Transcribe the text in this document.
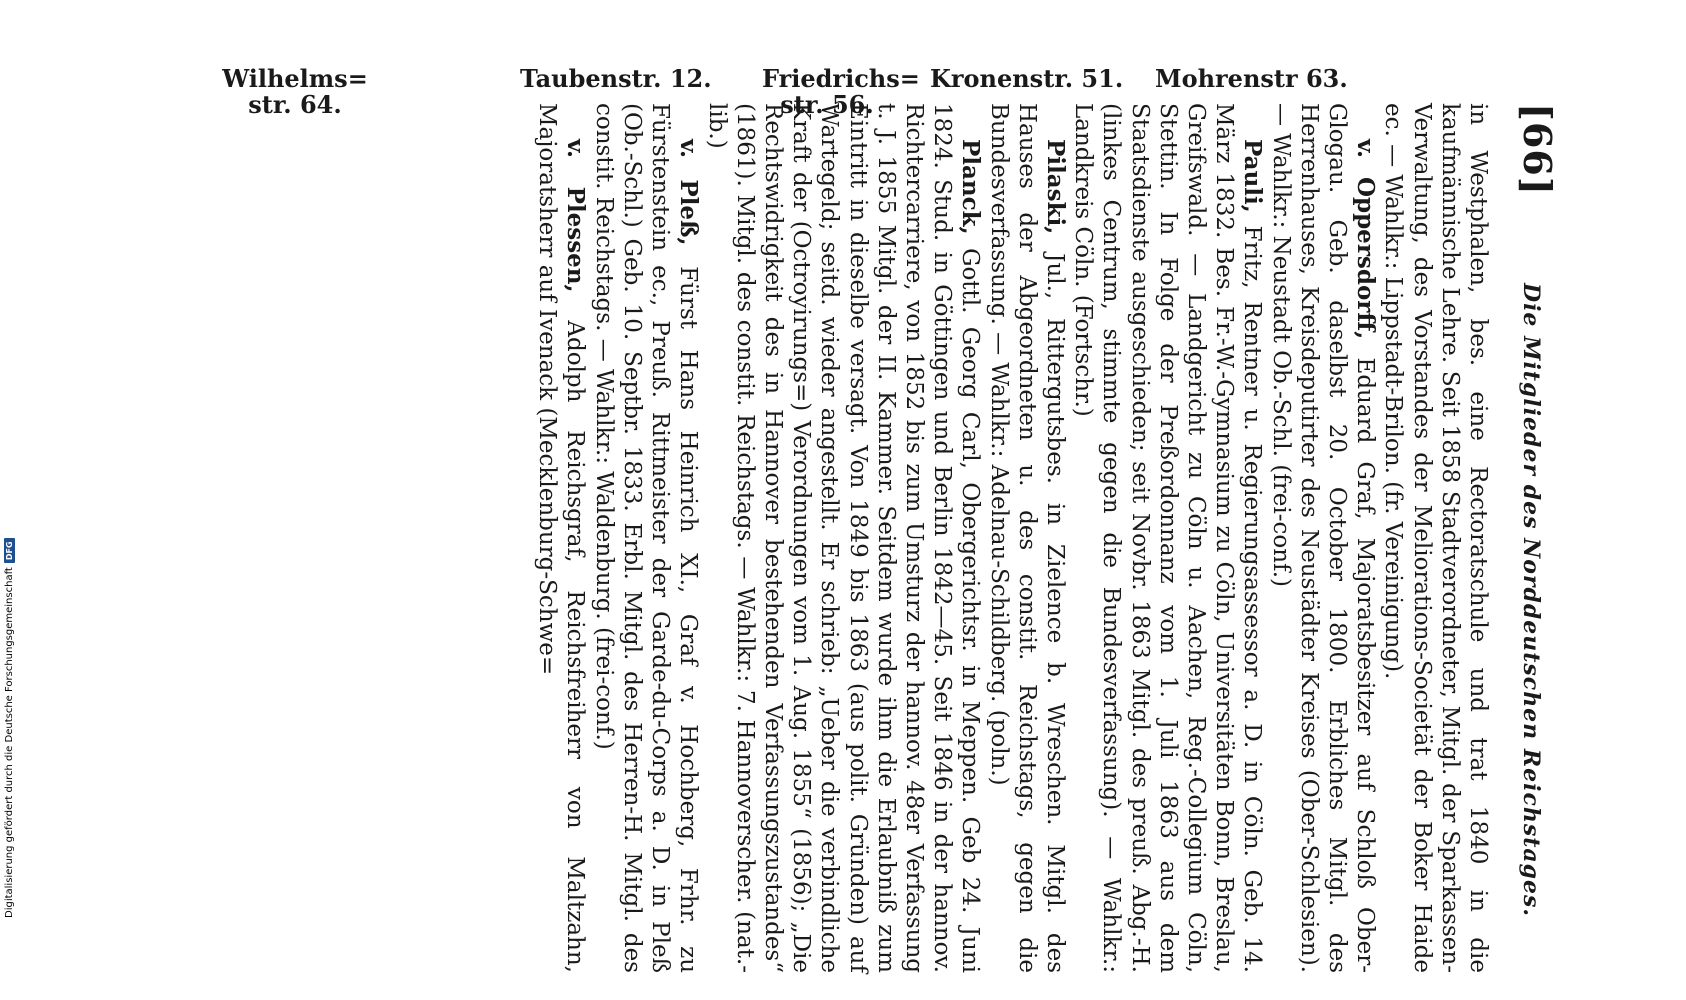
Wilhelms=
str. 64.
Taubenstr. 12. Friedrichs=
str. 56.
Kronenstr. 51. Mohrenstr 63.
[66]
Die Mitglieder des Norddeutschen Reichstages.

in Westphalen, bes. eine Rectoratschule und trat 1840 in die kaufmännische Lehre. Seit 1858 Stadtverordneter, Mitgl. der Sparkassen-Verwaltung, des Vorstandes der Meliorations-Societät der Boker Haide ec. — Wahlkr.: Lippstadt-Brilon. (fr. Vereinigung).

v. Oppersdorff, Eduard Graf, Majoratsbesitzer auf Schloß Ober-Glogau. Geb. daselbst 20. October 1800. Erbliches Mitgl. des Herrenhauses, Kreisdeputirter des Neustädter Kreises (Ober-Schlesien). — Wahlkr.: Neustadt Ob.-Schl. (frei-conf.)

Pauli, Fritz, Rentner u. Regierungsassessor a. D. in Cöln. Geb. 14. März 1832. Bes. Fr.-W.-Gymnasium zu Cöln, Universitäten Bonn, Breslau, Greifswald. — Landgericht zu Cöln u. Aachen, Reg.-Collegium Cöln, Stettin. In Folge der Preßordonnanz vom 1. Juli 1863 aus dem Staatsdienste ausgeschieden; seit Novbr. 1863 Mitgl. des preuß. Abg.-H. (linkes Centrum, stimmte gegen die Bundesverfassung). — Wahlkr.: Landkreis Cöln. (Fortschr.)

Pilaski, Jul., Rittergutsbes. in Zielence b. Wreschen. Mitgl. des Hauses der Abgeordneten u. des constit. Reichstags, gegen die Bundesverfassung. — Wahlkr.: Adelnau-Schildberg. (poln.)

Planck, Gottl. Georg Carl, Obergerichtsr. in Meppen. Geb 24. Juni 1824. Stud. in Göttingen und Berlin 1842—45. Seit 1846 in der hannov. Richtercarriere, von 1852 bis zum Umsturz der hannov. 48er Verfassung t. J. 1855 Mitgl. der II. Kammer. Seitdem wurde ihm die Erlaubniß zum Eintritt in dieselbe versagt. Von 1849 bis 1863 (aus polit. Gründen) auf Wartegeld; seitd. wieder angestellt. Er schrieb: „Ueber die verbindliche Kraft der (Octroyirungs=) Verordnungen vom 1. Aug. 1855“ (1856); „Die Rechtswidrigkeit des in Hannover bestehenden Verfassungszustandes“ (1861). Mitgl. des constit. Reichstags. — Wahlkr.: 7. Hannoverscher. (nat.-lib.)

v. Pleß, Fürst Hans Heinrich XI., Graf v. Hochberg, Frhr. zu Fürstenstein ec., Preuß. Rittmeister der Garde-du-Corps a. D. in Pleß (Ob.-Schl.) Geb. 10. Septbr. 1833. Erbl. Mitgl. des Herren-H. Mitgl. des constit. Reichstags. — Wahlkr.: Waldenburg. (frei-conf.)

v. Plessen, Adolph Reichsgraf, Reichsfreiherr von Maltzahn, Majoratsherr auf Ivenack (Mecklenburg-Schwe=

Digitalisierung gefördert durch die Deutsche Forschungsgemeinschaft
DFG
